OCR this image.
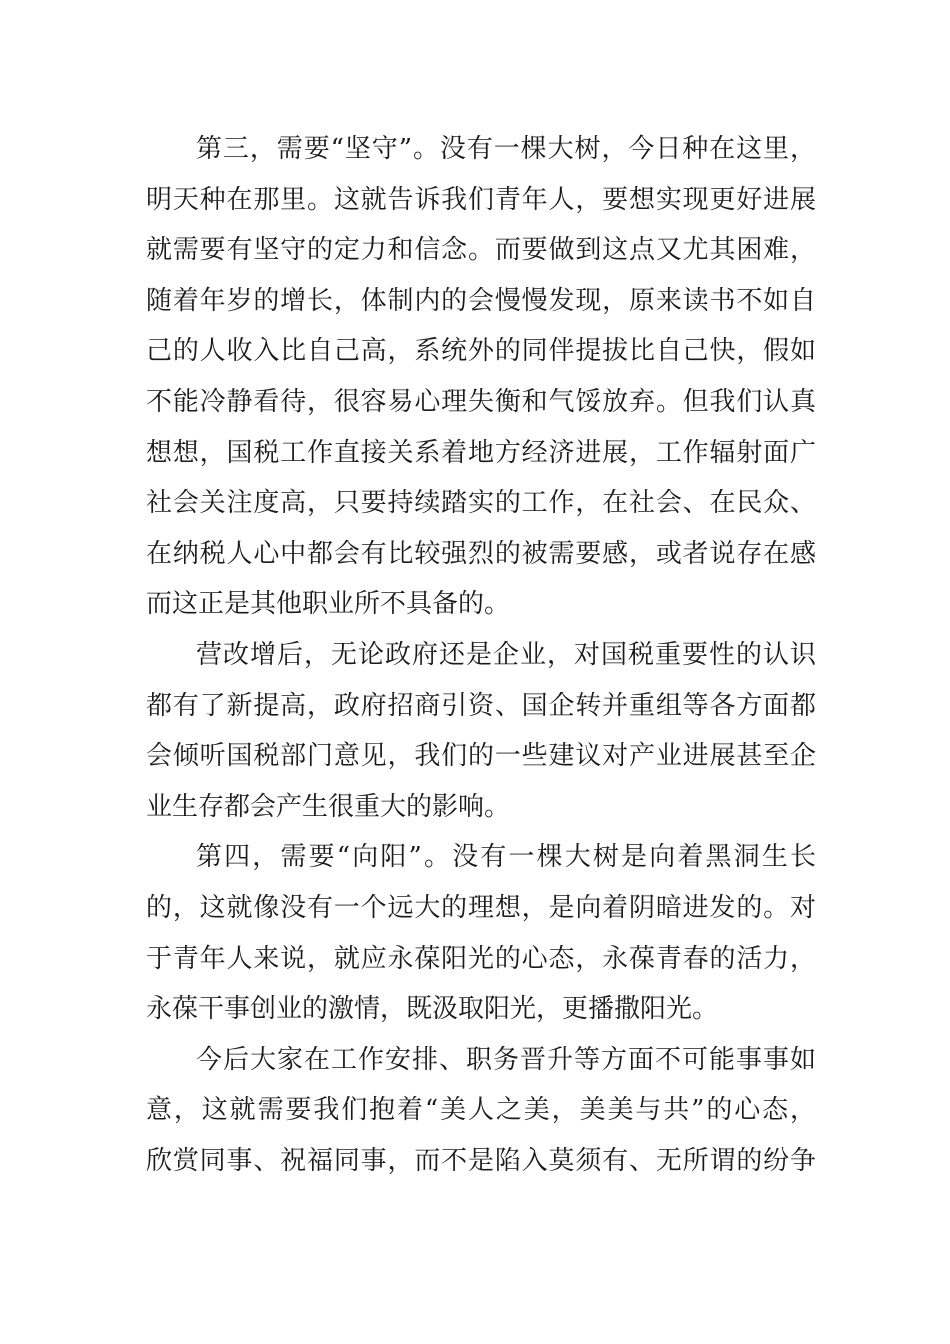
第三，需要“坚守”。没有一棵大树，今日种在这里，
明天种在那里。这就告诉我们青年人，要想实现更好进展
就需要有坚守的定力和信念。而要做到这点又尤其困难，
随着年岁的增长，体制内的会慢慢发现，原来读书不如自
己的人收入比自己高，系统外的同伴提拔比自己快，假如
不能冷静看待，很容易心理失衡和气馁放弃。但我们认真
想想，国税工作直接关系着地方经济进展，工作辐射面广
社会关注度高，只要持续踏实的工作，在社会、在民众、
在纳税人心中都会有比较强烈的被需要感，或者说存在感
而这正是其他职业所不具备的。
营改增后，无论政府还是企业，对国税重要性的认识
都有了新提高，政府招商引资、国企转并重组等各方面都
会倾听国税部门意见，我们的一些建议对产业进展甚至企
业生存都会产生很重大的影响。
第四，需要“向阳”。没有一棵大树是向着黑洞生长
的，这就像没有一个远大的理想，是向着阴暗进发的。对
于青年人来说，就应永葆阳光的心态，永葆青春的活力，
永葆干事创业的激情，既汲取阳光，更播撒阳光。
今后大家在工作安排、职务晋升等方面不可能事事如
意，这就需要我们抱着“美人之美，美美与共”的心态，
欣赏同事、祝福同事，而不是陷入莫须有、无所谓的纷争
